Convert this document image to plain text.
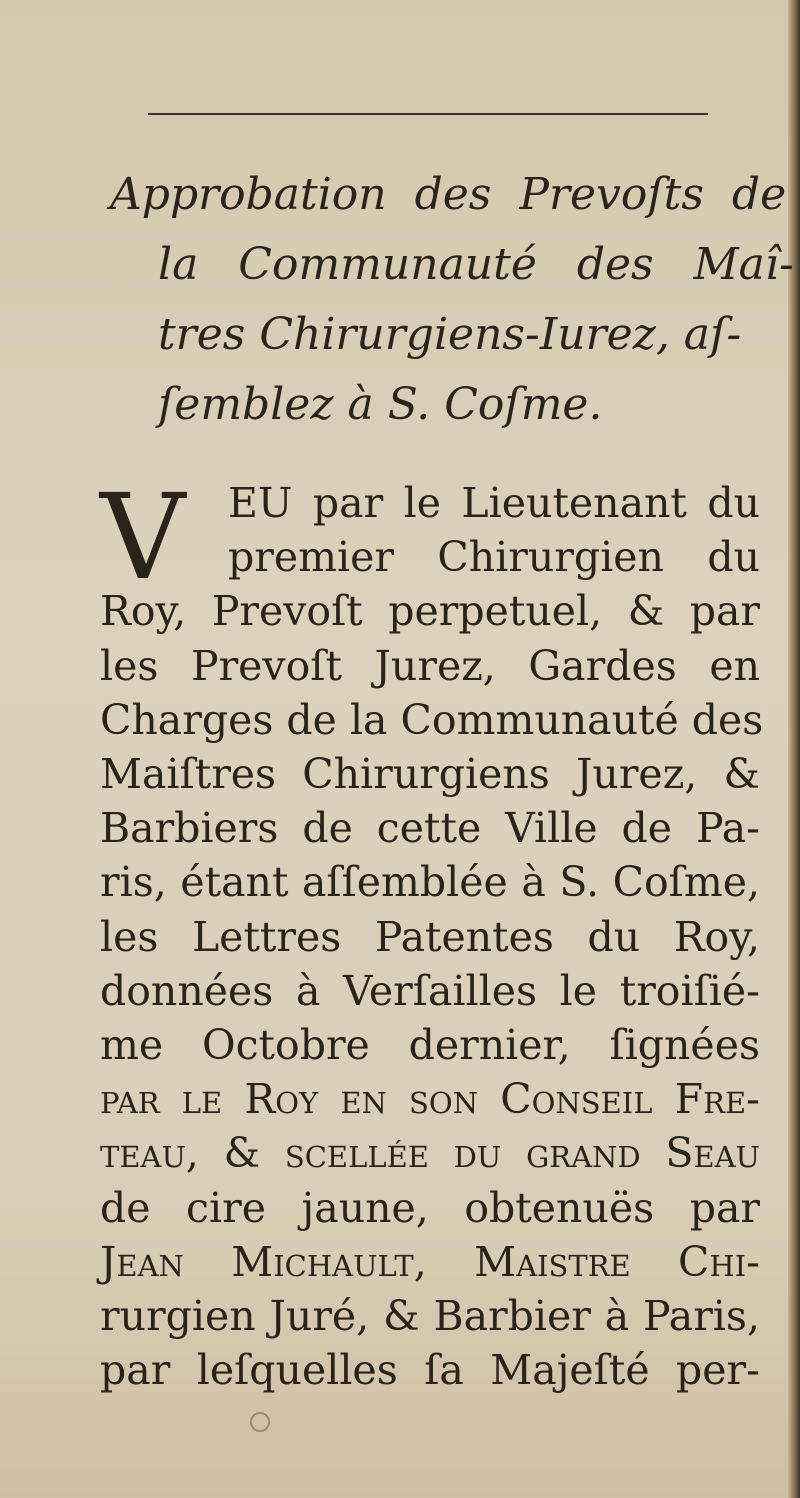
Approbation des Prevoſts de
la Communauté des Maî-
tres Chirurgiens-Iurez, aſ-
ſemblez à S. Coſme.
V	EU par le Lieutenant du
premier Chirurgien du
Roy, Prevoſt perpetuel, & par
les Prevoſt Jurez, Gardes en
Charges de la Communauté des
Maiſtres Chirurgiens Jurez, &
Barbiers de cette Ville de Pa-
ris, étant aſſemblée à S. Coſme,
les Lettres Patentes du Roy,
données à Verſailles le troiſié-
me Octobre dernier, ſignées
par le Roy en ſon Conſeil Fre-
teau, & ſcellée du grand Seau
de cire jaune, obtenuës par
Jean Michault, Maiſtre Chi-
rurgien Juré, & Barbier à Paris,
par leſquelles ſa Majeſté per-
